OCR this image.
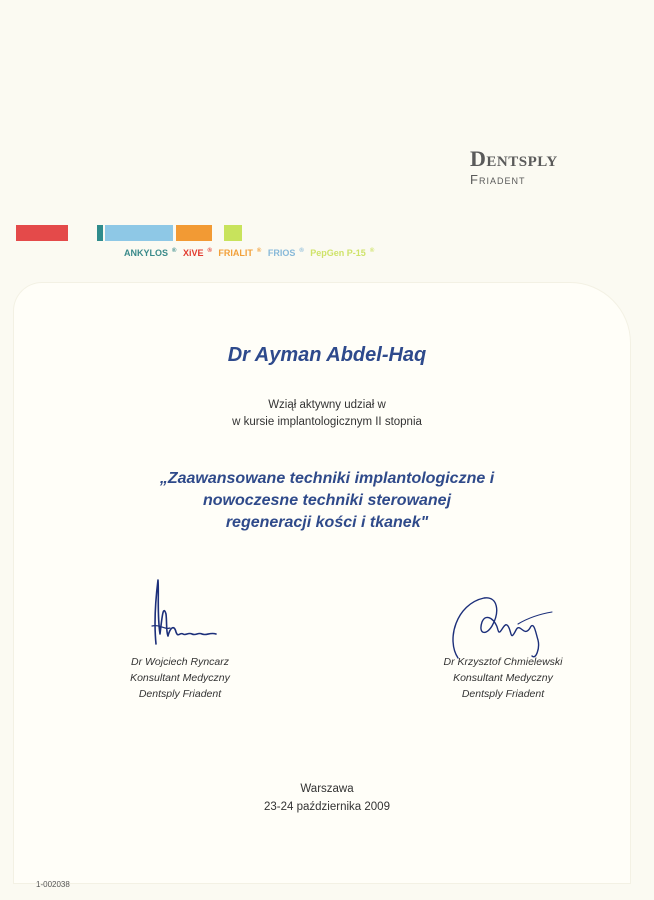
Dentsply
Friadent
ANKYLOS ® XiVE ® FRIALIT ® FRIOS ® PepGen P-15 ®
Dr Ayman Abdel-Haq
Wziął aktywny udział w
w kursie implantologicznym II stopnia
„Zaawansowane techniki implantologiczne i
nowoczesne techniki sterowanej
regeneracji kości i tkanek"
Dr Wojciech Ryncarz
Konsultant Medyczny
Dentsply Friadent
Dr Krzysztof Chmielewski
Konsultant Medyczny
Dentsply Friadent
Warszawa
23-24 października 2009
1-002038
